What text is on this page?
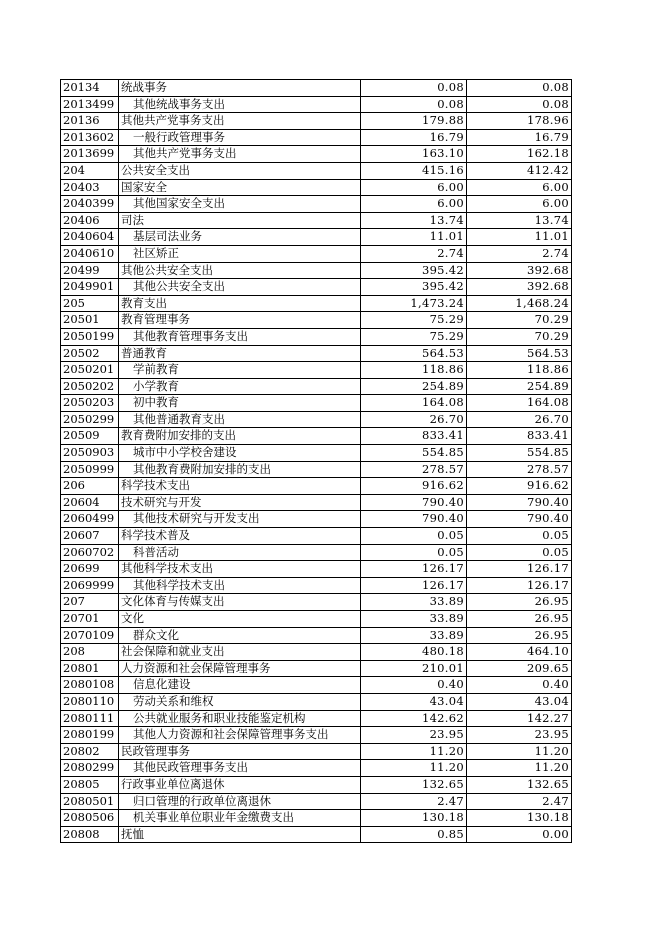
20134	统战事务	0.08	0.08
2013499	其他统战事务支出	0.08	0.08
20136	其他共产党事务支出	179.88	178.96
2013602	一般行政管理事务	16.79	16.79
2013699	其他共产党事务支出	163.10	162.18
204	公共安全支出	415.16	412.42
20403	国家安全	6.00	6.00
2040399	其他国家安全支出	6.00	6.00
20406	司法	13.74	13.74
2040604	基层司法业务	11.01	11.01
2040610	社区矫正	2.74	2.74
20499	其他公共安全支出	395.42	392.68
2049901	其他公共安全支出	395.42	392.68
205	教育支出	1,473.24	1,468.24
20501	教育管理事务	75.29	70.29
2050199	其他教育管理事务支出	75.29	70.29
20502	普通教育	564.53	564.53
2050201	学前教育	118.86	118.86
2050202	小学教育	254.89	254.89
2050203	初中教育	164.08	164.08
2050299	其他普通教育支出	26.70	26.70
20509	教育费附加安排的支出	833.41	833.41
2050903	城市中小学校舍建设	554.85	554.85
2050999	其他教育费附加安排的支出	278.57	278.57
206	科学技术支出	916.62	916.62
20604	技术研究与开发	790.40	790.40
2060499	其他技术研究与开发支出	790.40	790.40
20607	科学技术普及	0.05	0.05
2060702	科普活动	0.05	0.05
20699	其他科学技术支出	126.17	126.17
2069999	其他科学技术支出	126.17	126.17
207	文化体育与传媒支出	33.89	26.95
20701	文化	33.89	26.95
2070109	群众文化	33.89	26.95
208	社会保障和就业支出	480.18	464.10
20801	人力资源和社会保障管理事务	210.01	209.65
2080108	信息化建设	0.40	0.40
2080110	劳动关系和维权	43.04	43.04
2080111	公共就业服务和职业技能鉴定机构	142.62	142.27
2080199	其他人力资源和社会保障管理事务支出	23.95	23.95
20802	民政管理事务	11.20	11.20
2080299	其他民政管理事务支出	11.20	11.20
20805	行政事业单位离退休	132.65	132.65
2080501	归口管理的行政单位离退休	2.47	2.47
2080506	机关事业单位职业年金缴费支出	130.18	130.18
20808	抚恤	0.85	0.00
